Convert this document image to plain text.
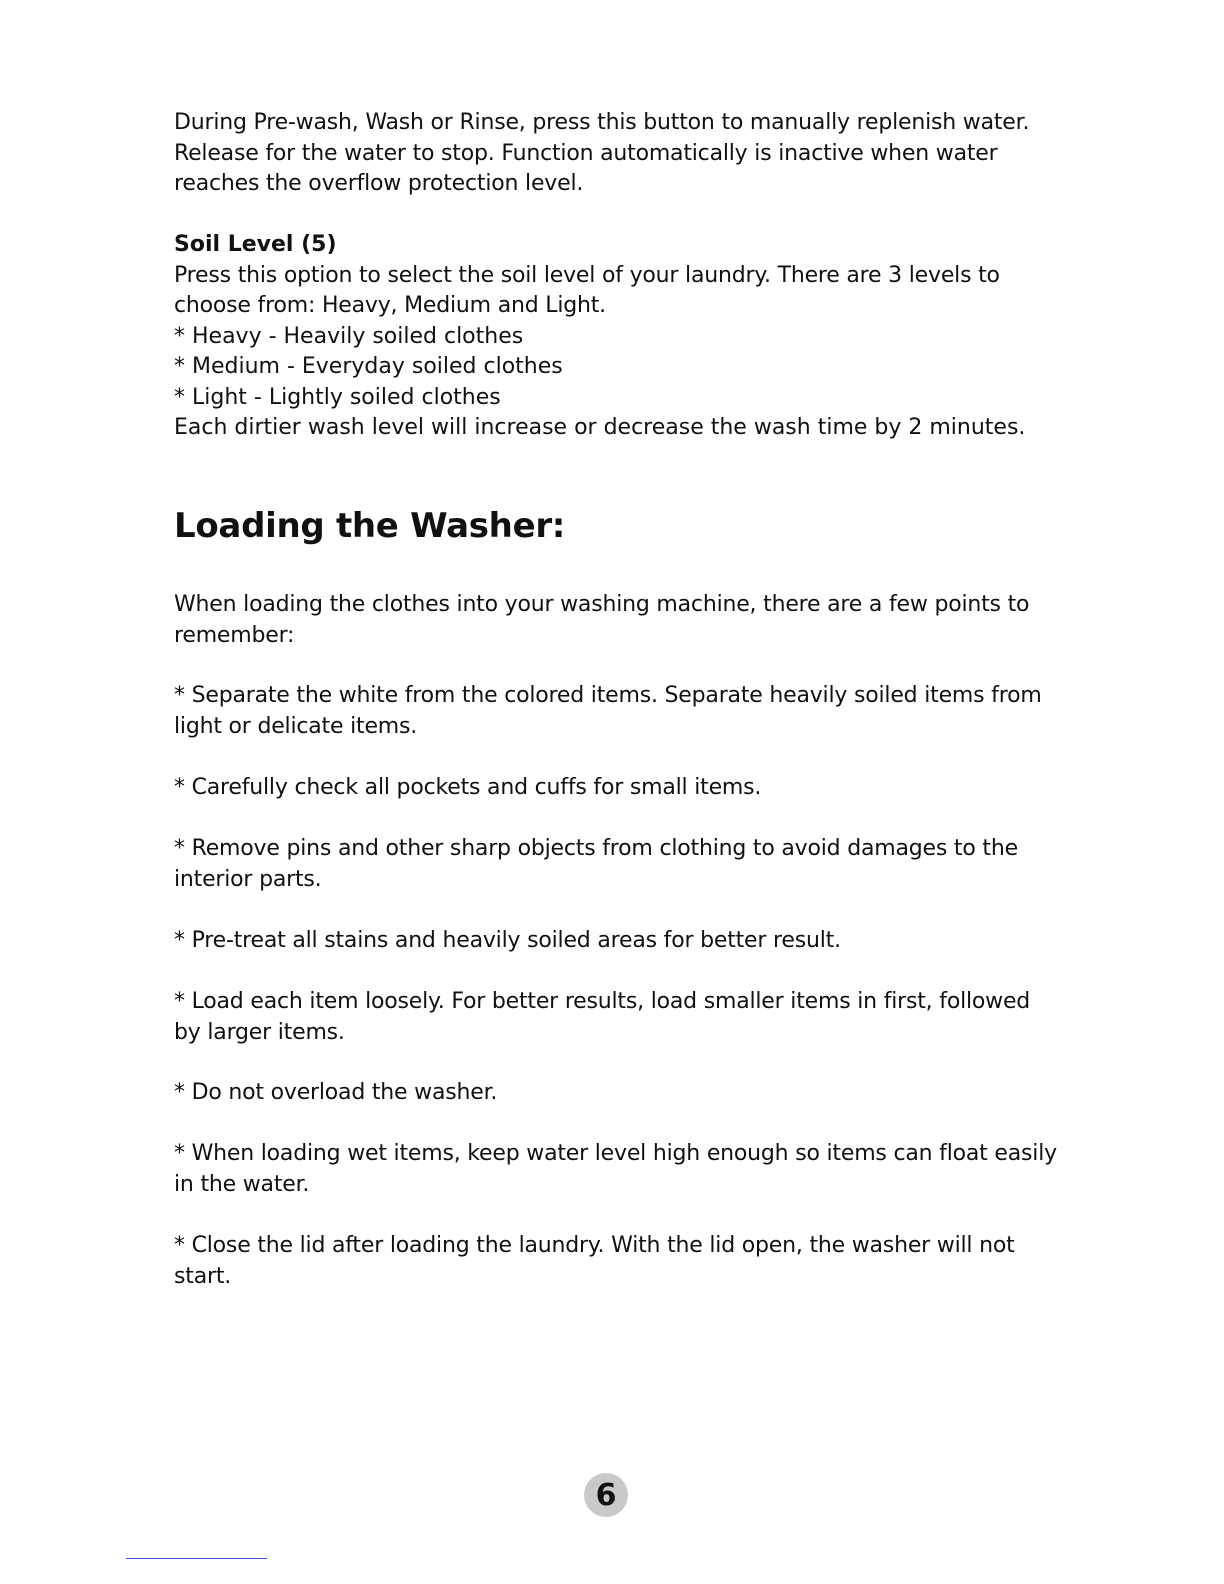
During Pre-wash, Wash or Rinse, press this button to manually replenish water.
Release for the water to stop. Function automatically is inactive when water
reaches the overflow protection level.

Soil Level (5)

Press this option to select the soil level of your laundry. There are 3 levels to
choose from: Heavy, Medium and Light.

* Heavy - Heavily soiled clothes
* Medium - Everyday soiled clothes
* Light - Lightly soiled clothes
Each dirtier wash level will increase or decrease the wash time by 2 minutes.
Loading the Washer:

When loading the clothes into your washing machine, there are a few points to
remember:

* Separate the white from the colored items. Separate heavily soiled items from
light or delicate items.

* Carefully check all pockets and cuffs for small items.

* Remove pins and other sharp objects from clothing to avoid damages to the
interior parts.

* Pre-treat all stains and heavily soiled areas for better result.

* Load each item loosely. For better results, load smaller items in first, followed
by larger items.

* Do not overload the washer.

* When loading wet items, keep water level high enough so items can float easily
in the water.

* Close the lid after loading the laundry. With the lid open, the washer will not
start.

6
